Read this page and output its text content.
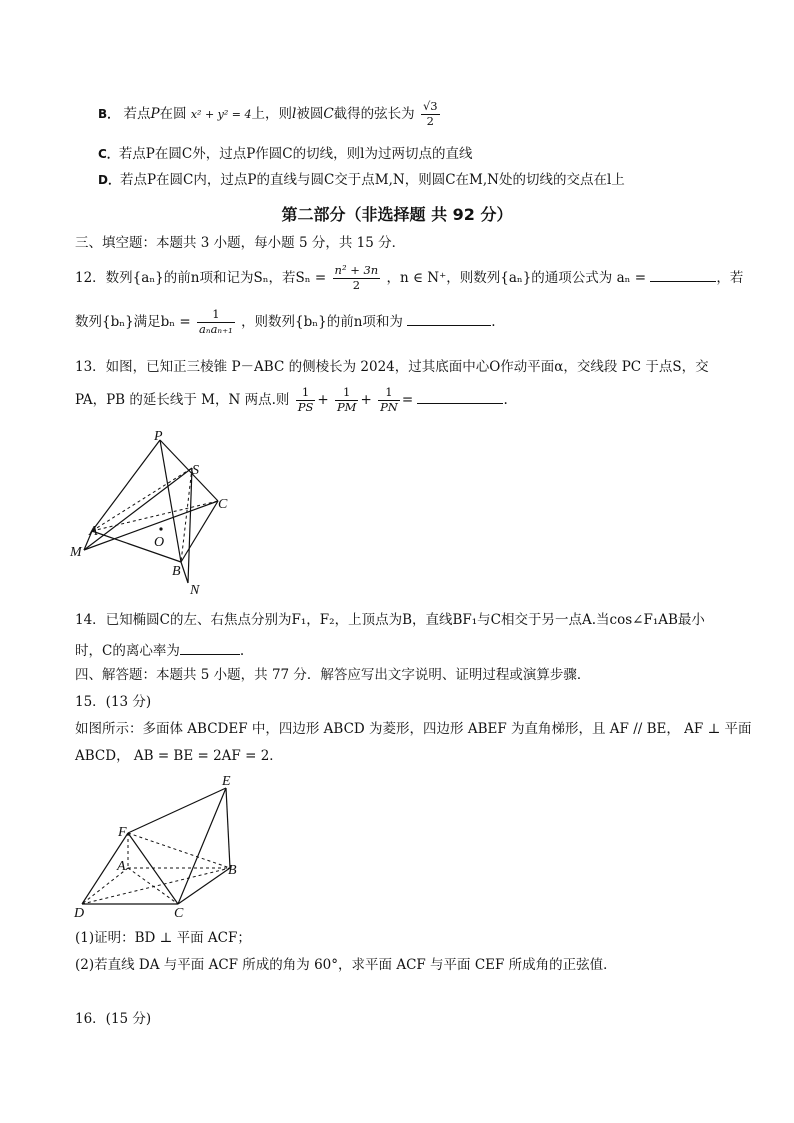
B． 若点P在圆 x² + y² = 4上，则l被圆C截得的弦长为 $\frac{√3}{2}$
C．若点P在圆C外，过点P作圆C的切线，则l为过两切点的直线
D．若点P在圆C内，过点P的直线与圆C交于点M,N，则圆C在M,N处的切线的交点在l上
第二部分（非选择题 共 92 分）
三、填空题：本题共 3 小题，每小题 5 分，共 15 分．
12．数列{aₙ}的前n项和记为Sₙ，若$S_n = \frac{\text{n² + 3n}}{2}$ ，n ∈ N⁺，则数列{aₙ}的通项公式为 aₙ =	，若
数列{bₙ}满足$b_n = \frac{1}{\text{aₙaₙ₊₁}}$ ，则数列{bₙ}的前n项和为	.
13．如图，已知正三棱锥 P－ABC 的侧棱长为 2024，过其底面中心O作动平面α，交线段 PC 于点S，交
PA，PB 的延长线于 M，N 两点.则 $\frac{1}{PS} + \frac{1}{PM} + \frac{1}{PN}$ =	.
P
S
C
A
M
O
B
N
14．已知椭圆C的左、右焦点分别为F₁，F₂，上顶点为B，直线BF₁与C相交于另一点A.当cos∠F₁AB最小
时，C的离心率为	.
四、解答题：本题共 5 小题，共 77 分．解答应写出文字说明、证明过程或演算步骤．
15．(13 分)
如图所示：多面体 ABCDEF 中，四边形 ABCD 为菱形，四边形 ABEF 为直角梯形，且 AF // BE， AF ⊥ 平面
ABCD， AB = BE = 2AF = 2．
E
F
A	B
D	C
(1)证明：BD ⊥ 平面 ACF；
(2)若直线 DA 与平面 ACF 所成的角为 60°，求平面 ACF 与平面 CEF 所成角的正弦值．
16．(15 分)
